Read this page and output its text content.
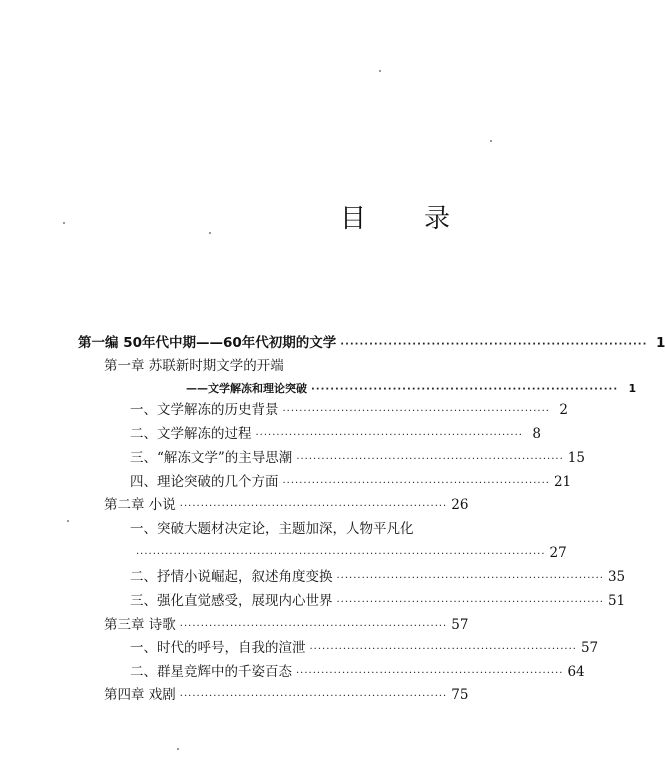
目 录
第一编 50年代中期——60年代初期的文学 ································································ 1
第一章 苏联新时期文学的开端
——文学解冻和理论突破 ································································ 1
一、文学解冻的历史背景 ································································ 2
二、文学解冻的过程 ································································ 8
三、“解冻文学”的主导思潮 ································································ 15
四、理论突破的几个方面 ································································ 21
第二章 小说 ································································ 26
一、突破大题材决定论，主题加深，人物平凡化
·································································································· 27
二、抒情小说崛起，叙述角度变换 ································································ 35
三、强化直觉感受，展现内心世界 ································································ 51
第三章 诗歌 ································································ 57
一、时代的呼号，自我的渲泄 ································································ 57
二、群星竞辉中的千姿百态 ································································ 64
第四章 戏剧 ································································ 75
